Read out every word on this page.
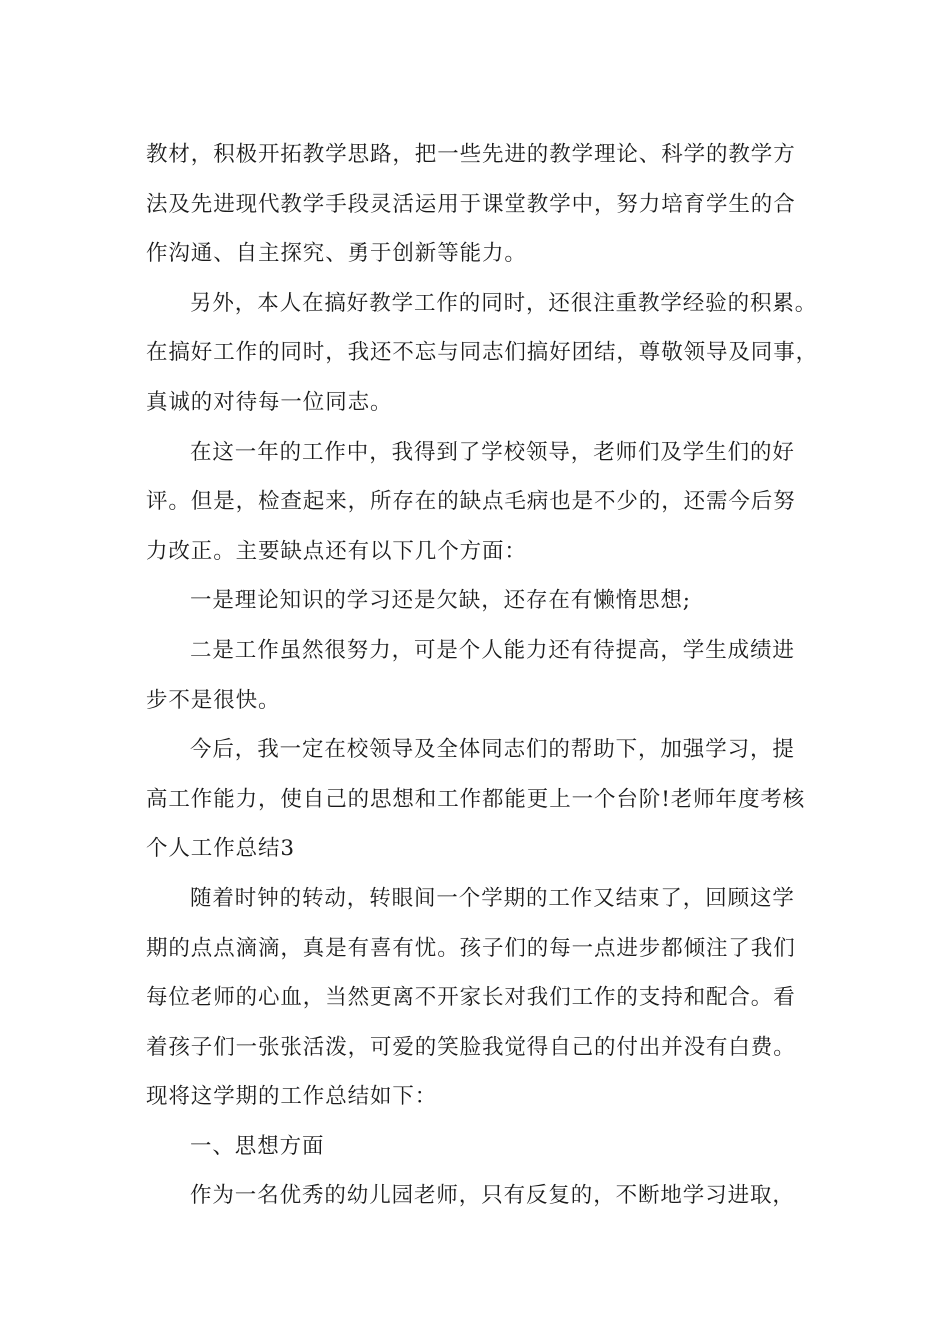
教材，积极开拓教学思路，把一些先进的教学理论、科学的教学方
法及先进现代教学手段灵活运用于课堂教学中，努力培育学生的合
作沟通、自主探究、勇于创新等能力。
另外，本人在搞好教学工作的同时，还很注重教学经验的积累。
在搞好工作的同时，我还不忘与同志们搞好团结，尊敬领导及同事，
真诚的对待每一位同志。
在这一年的工作中，我得到了学校领导，老师们及学生们的好
评。但是，检查起来，所存在的缺点毛病也是不少的，还需今后努
力改正。主要缺点还有以下几个方面：
一是理论知识的学习还是欠缺，还存在有懒惰思想;
二是工作虽然很努力，可是个人能力还有待提高，学生成绩进
步不是很快。
今后，我一定在校领导及全体同志们的帮助下，加强学习，提
高工作能力，使自己的思想和工作都能更上一个台阶!老师年度考核
个人工作总结3
随着时钟的转动，转眼间一个学期的工作又结束了，回顾这学
期的点点滴滴，真是有喜有忧。孩子们的每一点进步都倾注了我们
每位老师的心血，当然更离不开家长对我们工作的支持和配合。看
着孩子们一张张活泼，可爱的笑脸我觉得自己的付出并没有白费。
现将这学期的工作总结如下：
一、思想方面
作为一名优秀的幼儿园老师，只有反复的，不断地学习进取，
